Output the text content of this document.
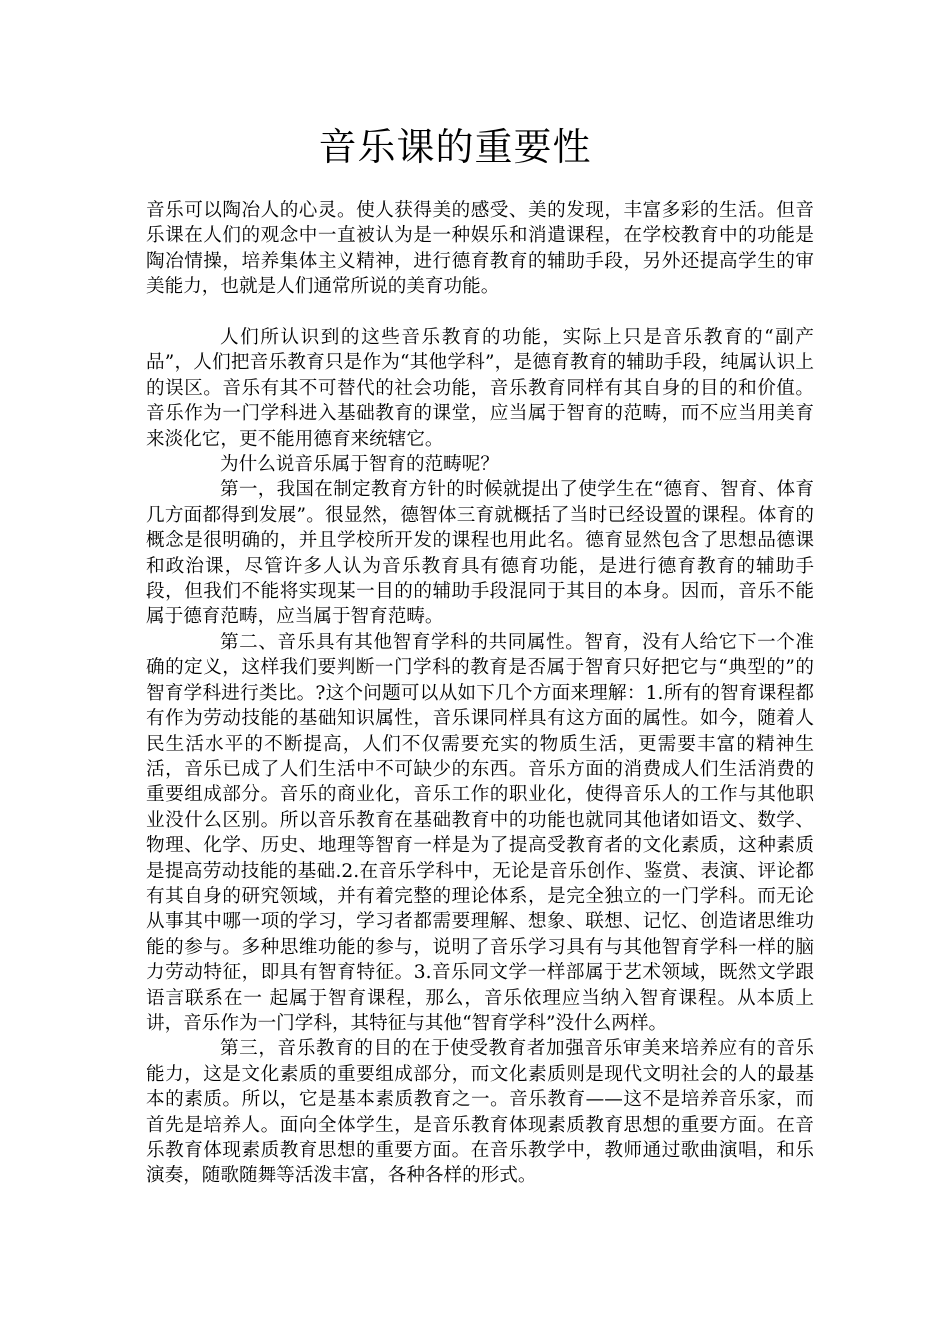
音乐课的重要性

音乐可以陶冶人的心灵。使人获得美的感受、美的发现，丰富多彩的生活。但音乐课在人们的观念中一直被认为是一种娱乐和消遣课程，在学校教育中的功能是陶冶情操，培养集体主义精神，进行德育教育的辅助手段，另外还提高学生的审美能力，也就是人们通常所说的美育功能。

人们所认识到的这些音乐教育的功能，实际上只是音乐教育的“副产品”，人们把音乐教育只是作为“其他学科”，是德育教育的辅助手段，纯属认识上的误区。音乐有其不可替代的社会功能，音乐教育同样有其自身的目的和价值。音乐作为一门学科进入基础教育的课堂，应当属于智育的范畴，而不应当用美育来淡化它，更不能用德育来统辖它。

为什么说音乐属于智育的范畴呢？

第一，我国在制定教育方针的时候就提出了使学生在“德育、智育、体育几方面都得到发展”。很显然，德智体三育就概括了当时已经设置的课程。体育的概念是很明确的，并且学校所开发的课程也用此名。德育显然包含了思想品德课和政治课，尽管许多人认为音乐教育具有德育功能，是进行德育教育的辅助手段，但我们不能将实现某一目的的辅助手段混同于其目的本身。因而，音乐不能属于德育范畴，应当属于智育范畴。

第二、音乐具有其他智育学科的共同属性。智育，没有人给它下一个准确的定义，这样我们要判断一门学科的教育是否属于智育只好把它与“典型的”的智育学科进行类比。?这个问题可以从如下几个方面来理解：1.所有的智育课程都有作为劳动技能的基础知识属性，音乐课同样具有这方面的属性。如今，随着人民生活水平的不断提高，人们不仅需要充实的物质生活，更需要丰富的精神生活，音乐已成了人们生活中不可缺少的东西。音乐方面的消费成人们生活消费的重要组成部分。音乐的商业化，音乐工作的职业化，使得音乐人的工作与其他职业没什么区别。所以音乐教育在基础教育中的功能也就同其他诸如语文、数学、物理、化学、历史、地理等智育一样是为了提高受教育者的文化素质，这种素质是提高劳动技能的基础.2.在音乐学科中，无论是音乐创作、鉴赏、表演、评论都有其自身的研究领域，并有着完整的理论体系，是完全独立的一门学科。而无论从事其中哪一项的学习，学习者都需要理解、想象、联想、记忆、创造诸思维功能的参与。多种思维功能的参与，说明了音乐学习具有与其他智育学科一样的脑力劳动特征，即具有智育特征。3.音乐同文学一样部属于艺术领域，既然文学跟语言联系在一 起属于智育课程，那么，音乐依理应当纳入智育课程。从本质上讲，音乐作为一门学科，其特征与其他“智育学科”没什么两样。

第三，音乐教育的目的在于使受教育者加强音乐审美来培养应有的音乐能力，这是文化素质的重要组成部分，而文化素质则是现代文明社会的人的最基本的素质。所以，它是基本素质教育之一。音乐教育——这不是培养音乐家，而首先是培养人。面向全体学生，是音乐教育体现素质教育思想的重要方面。在音乐教育体现素质教育思想的重要方面。在音乐教学中，教师通过歌曲演唱，和乐演奏，随歌随舞等活泼丰富，各种各样的形式。
